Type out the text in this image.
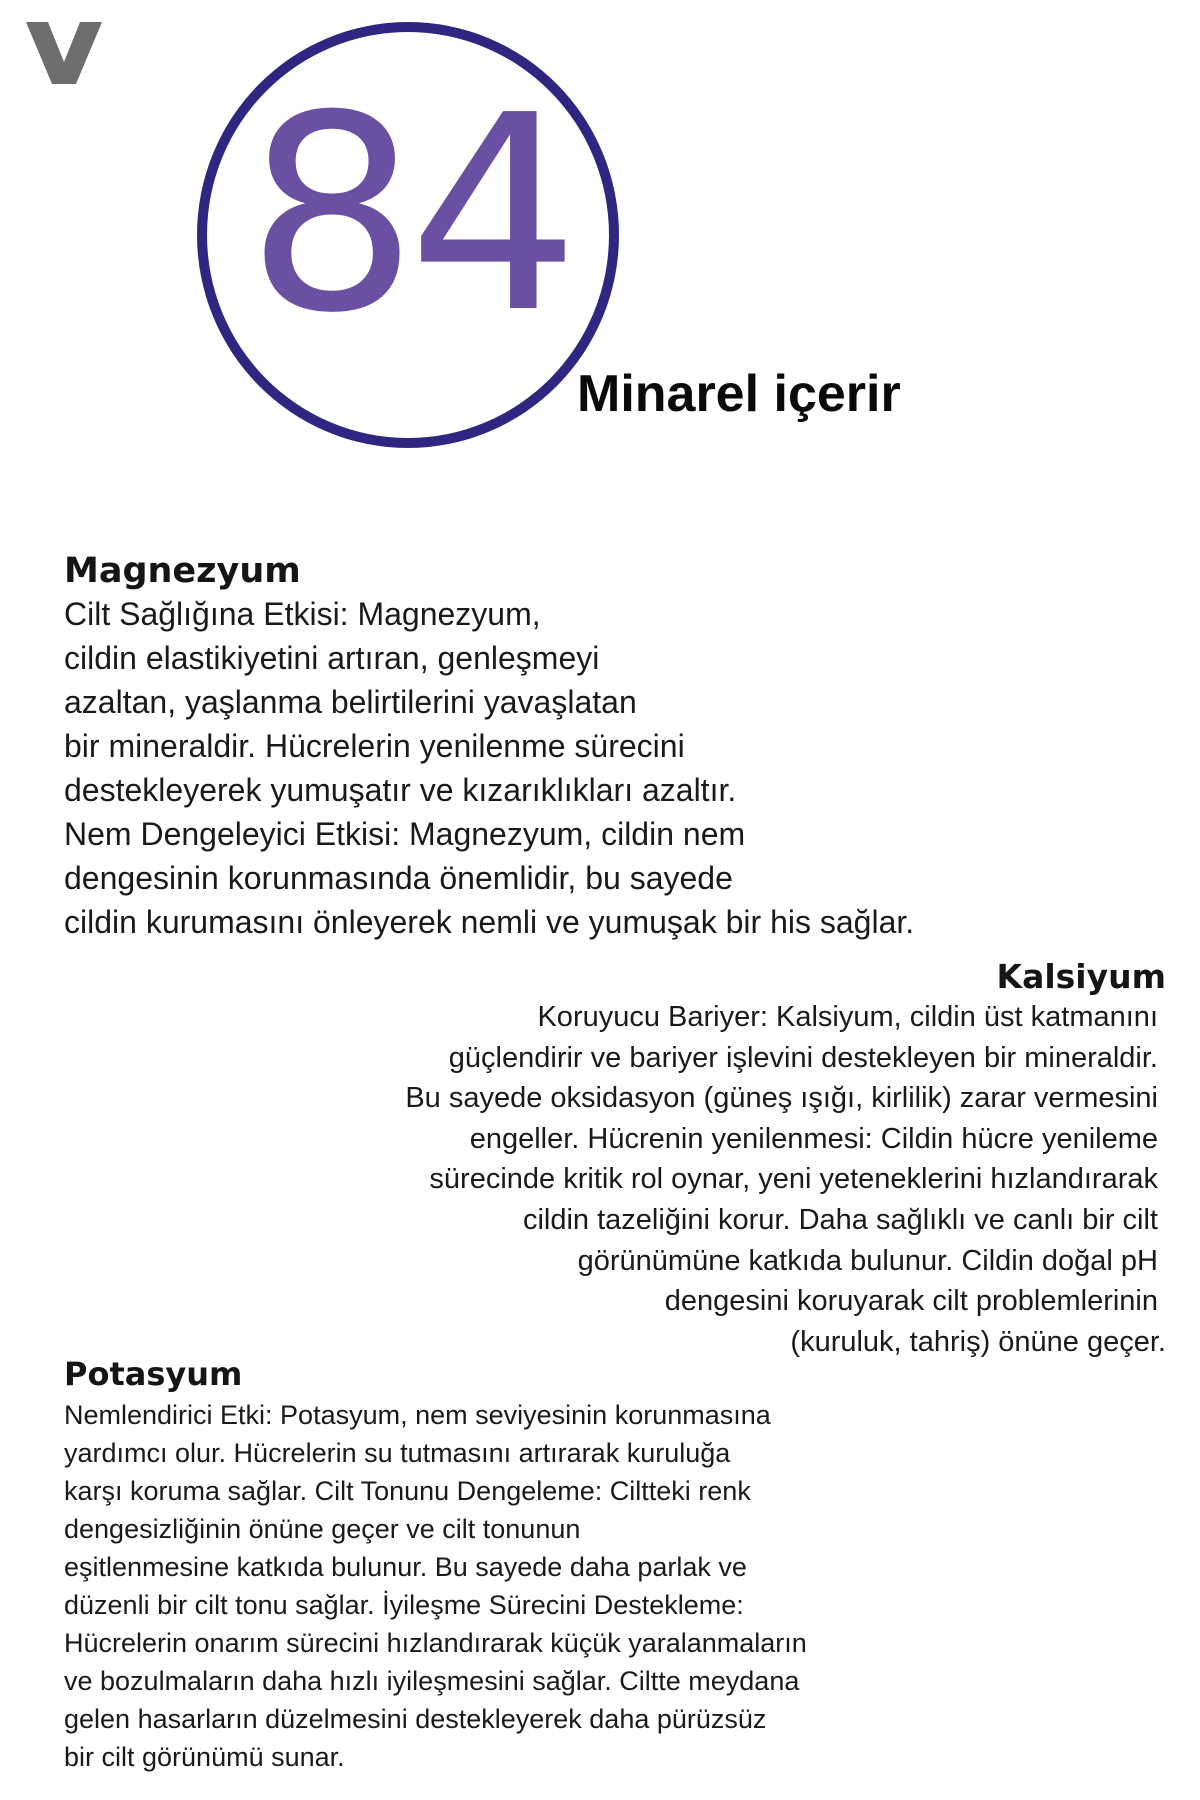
84
Minarel içerir
Magnezyum

Cilt Sağlığına Etkisi: Magnezyum,
cildin elastikiyetini artıran, genleşmeyi
azaltan, yaşlanma belirtilerini yavaşlatan
bir mineraldir. Hücrelerin yenilenme sürecini
destekleyerek yumuşatır ve kızarıklıkları azaltır.
Nem Dengeleyici Etkisi: Magnezyum, cildin nem
dengesinin korunmasında önemlidir, bu sayede
cildin kurumasını önleyerek nemli ve yumuşak bir his sağlar.

Kalsiyum

Koruyucu Bariyer: Kalsiyum, cildin üst katmanını
güçlendirir ve bariyer işlevini destekleyen bir mineraldir.
Bu sayede oksidasyon (güneş ışığı, kirlilik) zarar vermesini
engeller. Hücrenin yenilenmesi: Cildin hücre yenileme
sürecinde kritik rol oynar, yeni yeteneklerini hızlandırarak
cildin tazeliğini korur. Daha sağlıklı ve canlı bir cilt
görünümüne katkıda bulunur. Cildin doğal pH
dengesini koruyarak cilt problemlerinin
(kuruluk, tahriş) önüne geçer.

Potasyum

Nemlendirici Etki: Potasyum, nem seviyesinin korunmasına
yardımcı olur. Hücrelerin su tutmasını artırarak kuruluğa
karşı koruma sağlar. Cilt Tonunu Dengeleme: Ciltteki renk
dengesizliğinin önüne geçer ve cilt tonunun
eşitlenmesine katkıda bulunur. Bu sayede daha parlak ve
düzenli bir cilt tonu sağlar. İyileşme Sürecini Destekleme:
Hücrelerin onarım sürecini hızlandırarak küçük yaralanmaların
ve bozulmaların daha hızlı iyileşmesini sağlar. Ciltte meydana
gelen hasarların düzelmesini destekleyerek daha pürüzsüz
bir cilt görünümü sunar.
